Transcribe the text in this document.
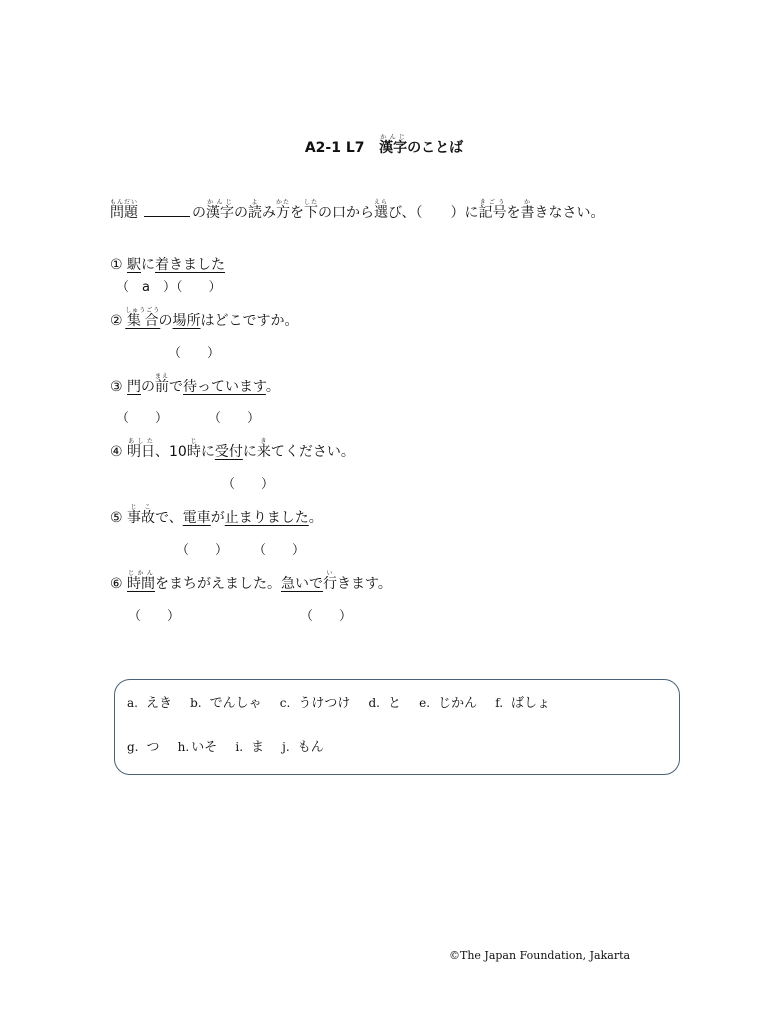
A2-1 L7 漢字かんじのことば
問題もんだいの漢字かんじの読よみ方かたを下したの口から選えらび、（　　）に記号きごうを書かきなさい。
① 駅に着きました
（　a　）（　　）
② 集合しゅうごうの場所はどこですか。
（　　）
③ 門の前まえで待っています。
（　　）	（　　）
④ 明日あした、10時じに受付に来きてください。
（　　）
⑤ 事故じこで、電車が止まりました。
（　　） （　　）
⑥ 時間じかんをまちがえました。急いで行いきます。
（　　）	（　　）
a. えき b. でんしゃ c. うけつけ d. と e. じかん f. ばしょ
g. つ h. いそ i. ま j. もん
©The Japan Foundation, Jakarta
